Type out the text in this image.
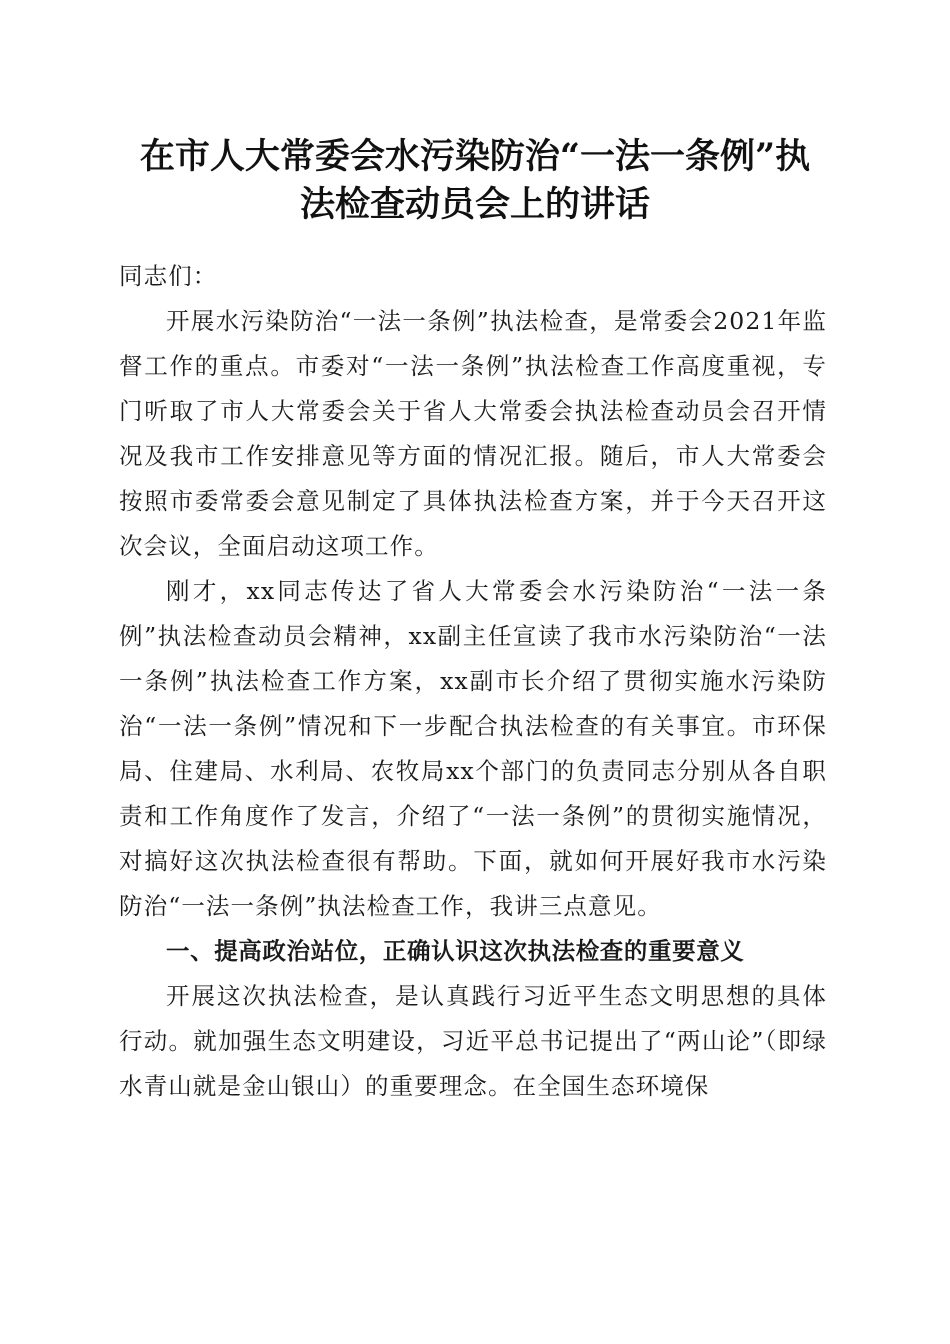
在市人大常委会水污染防治“一法一条例”执
法检查动员会上的讲话

同志们：

开展水污染防治“一法一条例”执法检查，是常委会2021年监督工作的重点。市委对“一法一条例”执法检查工作高度重视，专门听取了市人大常委会关于省人大常委会执法检查动员会召开情况及我市工作安排意见等方面的情况汇报。随后，市人大常委会按照市委常委会意见制定了具体执法检查方案，并于今天召开这次会议，全面启动这项工作。

刚才，xx同志传达了省人大常委会水污染防治“一法一条例”执法检查动员会精神，xx副主任宣读了我市水污染防治“一法一条例”执法检查工作方案，xx副市长介绍了贯彻实施水污染防治“一法一条例”情况和下一步配合执法检查的有关事宜。市环保局、住建局、水利局、农牧局xx个部门的负责同志分别从各自职责和工作角度作了发言，介绍了“一法一条例”的贯彻实施情况，对搞好这次执法检查很有帮助。下面，就如何开展好我市水污染防治“一法一条例”执法检查工作，我讲三点意见。

一、提高政治站位，正确认识这次执法检查的重要意义

开展这次执法检查，是认真践行习近平生态文明思想的具体行动。就加强生态文明建设，习近平总书记提出了“两山论”（即绿水青山就是金山银山）的重要理念。在全国生态环境保
